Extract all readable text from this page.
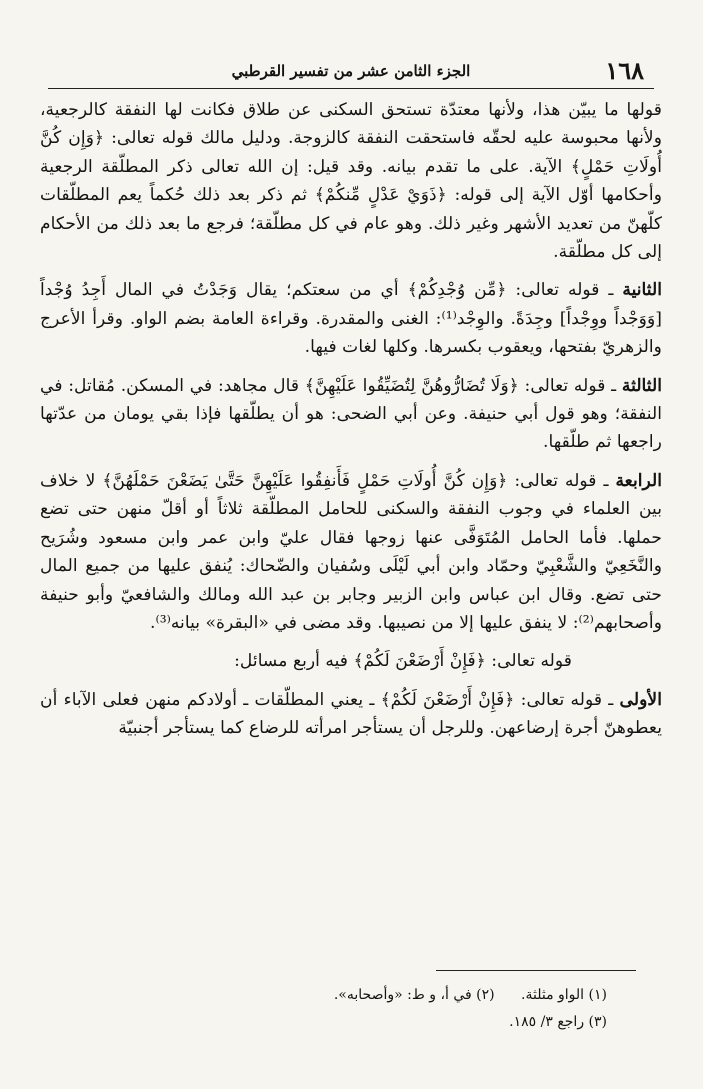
١٦٨
الجزء الثامن عشر من تفسير القرطبي

قولها ما يبيّن هذا، ولأنها معتدّة تستحق السكنى عن طلاق فكانت لها النفقة كالرجعية، ولأنها محبوسة عليه لحقّه فاستحقت النفقة كالزوجة. ودليل مالك قوله تعالى: ﴿وَإِن كُنَّ أُولَاتِ حَمْلٍ﴾ الآية. على ما تقدم بيانه. وقد قيل: إن الله تعالى ذكر المطلّقة الرجعية وأحكامها أوّل الآية إلى قوله: ﴿ذَوَيْ عَدْلٍ مِّنكُمْ﴾ ثم ذكر بعد ذلك حُكماً يعم المطلّقات كلّهنّ من تعديد الأشهر وغير ذلك. وهو عام في كل مطلّقة؛ فرجع ما بعد ذلك من الأحكام إلى كل مطلّقة.

الثانية ـ قوله تعالى: ﴿مِّن وُجْدِكُمْ﴾ أي من سعتكم؛ يقال وَجَدْتُ في المال أَجِدُ وُجْداً [وَوَجْداً ووِجْداً] وجِدَةً. والوِجْد⁽¹⁾: الغنى والمقدرة. وقراءة العامة بضم الواو. وقرأ الأعرج والزهريّ بفتحها، ويعقوب بكسرها. وكلها لغات فيها.

الثالثة ـ قوله تعالى: ﴿وَلَا تُضَارُّوهُنَّ لِتُضَيِّقُوا عَلَيْهِنَّ﴾ قال مجاهد: في المسكن. مُقاتل: في النفقة؛ وهو قول أبي حنيفة. وعن أبي الضحى: هو أن يطلّقها فإذا بقي يومان من عدّتها راجعها ثم طلّقها.

الرابعة ـ قوله تعالى: ﴿وَإِن كُنَّ أُولَاتِ حَمْلٍ فَأَنفِقُوا عَلَيْهِنَّ حَتَّىٰ يَضَعْنَ حَمْلَهُنَّ﴾ لا خلاف بين العلماء في وجوب النفقة والسكنى للحامل المطلّقة ثلاثاً أو أقلّ منهن حتى تضع حملها. فأما الحامل المُتَوَفَّى عنها زوجها فقال عليّ وابن عمر وابن مسعود وشُرَيح والنَّخَعِيّ والشَّعْبِيّ وحمّاد وابن أبي لَيْلَى وسُفيان والضّحاك: يُنفق عليها من جميع المال حتى تضع. وقال ابن عباس وابن الزبير وجابر بن عبد الله ومالك والشافعيّ وأبو حنيفة وأصحابهم⁽²⁾: لا ينفق عليها إلا من نصيبها. وقد مضى في «البقرة» بيانه⁽³⁾.

قوله تعالى: ﴿فَإِنْ أَرْضَعْنَ لَكُمْ﴾ فيه أربع مسائل:

الأولى ـ قوله تعالى: ﴿فَإِنْ أَرْضَعْنَ لَكُمْ﴾ ـ يعني المطلّقات ـ أولادكم منهن فعلى الآباء أن يعطوهنّ أجرة إرضاعهن. وللرجل أن يستأجر امرأته للرضاع كما يستأجر أجنبيّة

(١) الواو مثلثة. (٢) في أ، و ط: «وأصحابه».
(٣) راجع ٣/ ١٨٥.
